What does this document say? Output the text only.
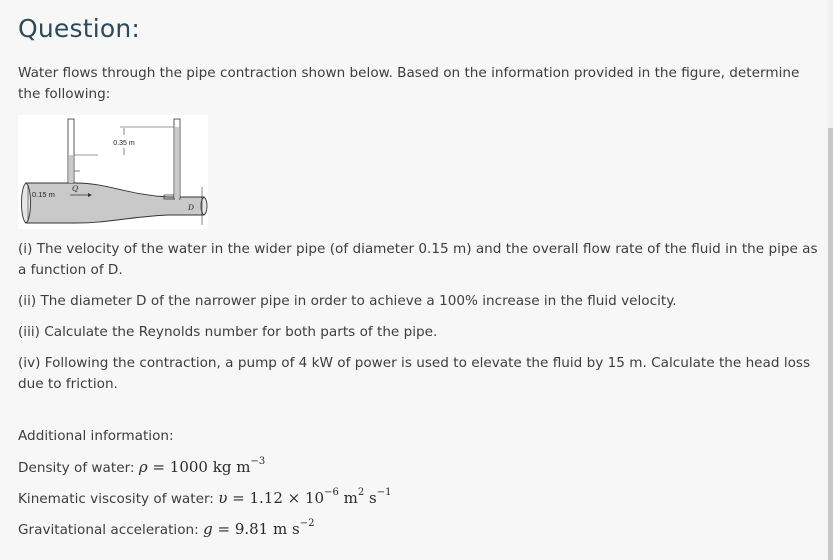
Question:
Water flows through the pipe contraction shown below. Based on the information provided in the figure, determine the following:
0.35 m
0.15 m
Q
D
(i) The velocity of the water in the wider pipe (of diameter 0.15 m) and the overall flow rate of the fluid in the pipe as a function of D.
(ii) The diameter D of the narrower pipe in order to achieve a 100% increase in the fluid velocity.
(iii) Calculate the Reynolds number for both parts of the pipe.
(iv) Following the contraction, a pump of 4 kW of power is used to elevate the fluid by 15 m. Calculate the head loss due to friction.
Additional information:
Density of water: ρ = 1000 kg $m^{-3}$
Kinematic viscosity of water: $\upsilon = 1.12 \times 10^{-6}$ $m^2$ $s^{-1}$
Gravitational acceleration: g = 9.81 m $s^{-2}$
